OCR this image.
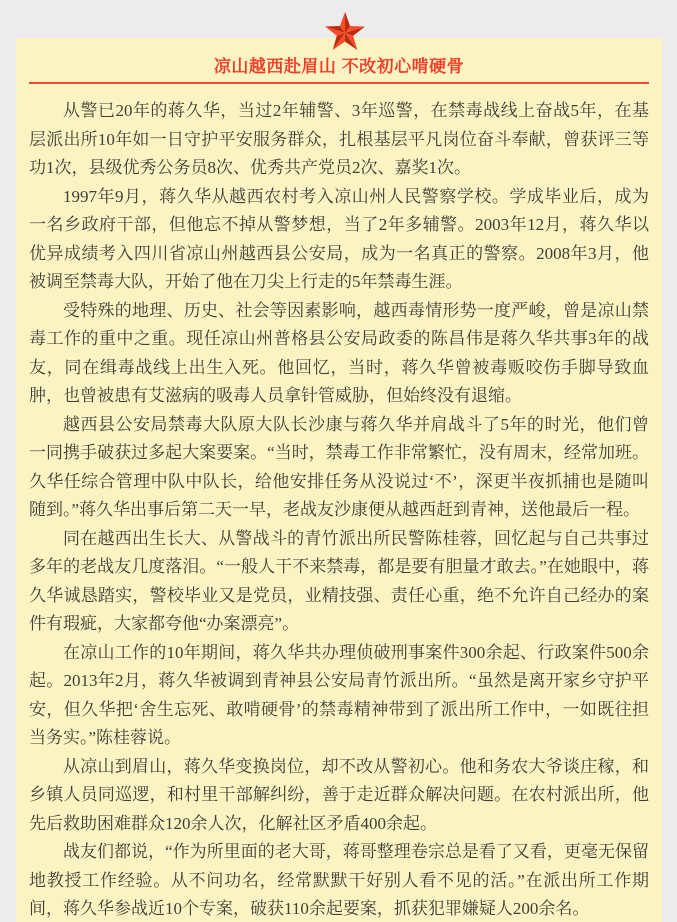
凉山越西赴眉山 不改初心啃硬骨

从警已20年的蒋久华，当过2年辅警、3年巡警，在禁毒战线上奋战5年，在基层派出所10年如一日守护平安服务群众，扎根基层平凡岗位奋斗奉献，曾获评三等功1次，县级优秀公务员8次、优秀共产党员2次、嘉奖1次。

1997年9月，蒋久华从越西农村考入凉山州人民警察学校。学成毕业后，成为一名乡政府干部，但他忘不掉从警梦想，当了2年多辅警。2003年12月，蒋久华以优异成绩考入四川省凉山州越西县公安局，成为一名真正的警察。2008年3月，他被调至禁毒大队，开始了他在刀尖上行走的5年禁毒生涯。

受特殊的地理、历史、社会等因素影响，越西毒情形势一度严峻，曾是凉山禁毒工作的重中之重。现任凉山州普格县公安局政委的陈昌伟是蒋久华共事3年的战友，同在缉毒战线上出生入死。他回忆，当时，蒋久华曾被毒贩咬伤手脚导致血肿，也曾被患有艾滋病的吸毒人员拿针管威胁，但始终没有退缩。

越西县公安局禁毒大队原大队长沙康与蒋久华并肩战斗了5年的时光，他们曾一同携手破获过多起大案要案。“当时，禁毒工作非常繁忙，没有周末，经常加班。久华任综合管理中队中队长，给他安排任务从没说过‘不’，深更半夜抓捕也是随叫随到。”蒋久华出事后第二天一早，老战友沙康便从越西赶到青神，送他最后一程。

同在越西出生长大、从警战斗的青竹派出所民警陈桂蓉，回忆起与自己共事过多年的老战友几度落泪。“一般人干不来禁毒，都是要有胆量才敢去。”在她眼中，蒋久华诚恳踏实，警校毕业又是党员，业精技强、责任心重，绝不允许自己经办的案件有瑕疵，大家都夸他“办案漂亮”。

在凉山工作的10年期间，蒋久华共办理侦破刑事案件300余起、行政案件500余起。2013年2月，蒋久华被调到青神县公安局青竹派出所。“虽然是离开家乡守护平安，但久华把‘舍生忘死、敢啃硬骨’的禁毒精神带到了派出所工作中，一如既往担当务实。”陈桂蓉说。

从凉山到眉山，蒋久华变换岗位，却不改从警初心。他和务农大爷谈庄稼，和乡镇人员同巡逻，和村里干部解纠纷，善于走近群众解决问题。在农村派出所，他先后救助困难群众120余人次，化解社区矛盾400余起。

战友们都说，“作为所里面的老大哥，蒋哥整理卷宗总是看了又看，更毫无保留地教授工作经验。从不问功名，经常默默干好别人看不见的活。”在派出所工作期间，蒋久华参战近10个专案，破获110余起要案，抓获犯罪嫌疑人200余名。
